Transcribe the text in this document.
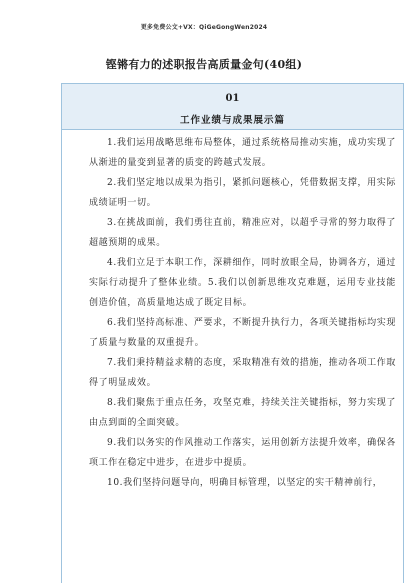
更多免费公文+VX：QiGeGongWen2024
铿锵有力的述职报告高质量金句(40组)
01
工作业绩与成果展示篇

1.我们运用战略思维布局整体，通过系统格局推动实施，成功实现了从渐进的量变到显著的质变的跨越式发展。

2.我们坚定地以成果为指引，紧抓问题核心，凭借数据支撑，用实际成绩证明一切。

3.在挑战面前，我们勇往直前，精准应对，以超乎寻常的努力取得了超越预期的成果。

4.我们立足于本职工作，深耕细作，同时放眼全局，协调各方，通过实际行动提升了整体业绩。5.我们以创新思维攻克难题，运用专业技能创造价值，高质量地达成了既定目标。

6.我们坚持高标准、严要求，不断提升执行力，各项关键指标均实现了质量与数量的双重提升。

7.我们秉持精益求精的态度，采取精准有效的措施，推动各项工作取得了明显成效。

8.我们聚焦于重点任务，攻坚克难，持续关注关键指标，努力实现了由点到面的全面突破。

9.我们以务实的作风推动工作落实，运用创新方法提升效率，确保各项工作在稳定中进步，在进步中提质。

10.我们坚持问题导向，明确目标管理，以坚定的实干精神前行，
